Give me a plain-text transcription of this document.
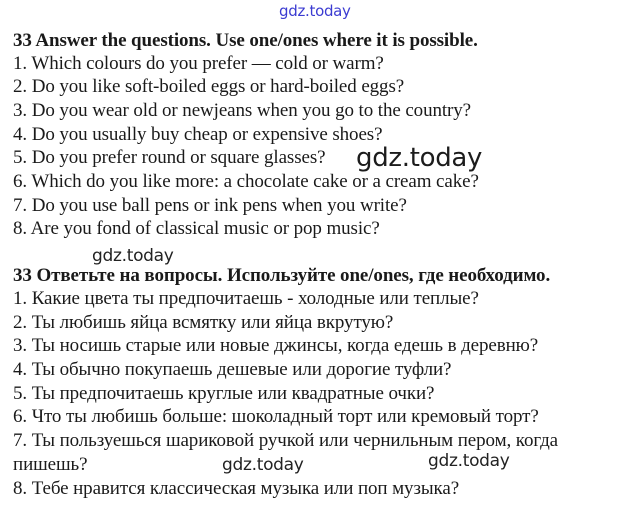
gdz.today
33 Answer the questions. Use one/ones where it is possible.
1. Which colours do you prefer — cold or warm?
2. Do you like soft-boiled eggs or hard-boiled eggs?
3. Do you wear old or newjeans when you go to the country?
4. Do you usually buy cheap or expensive shoes?
5. Do you prefer round or square glasses?
6. Which do you like more: a chocolate cake or a cream cake?
7. Do you use ball pens or ink pens when you write?
8. Are you fond of classical music or pop music?
gdz.today
gdz.today
33 Ответьте на вопросы. Используйте one/ones, где необходимо.
1. Какие цвета ты предпочитаешь - холодные или теплые?
2. Ты любишь яйца всмятку или яйца вкрутую?
3. Ты носишь старые или новые джинсы, когда едешь в деревню?
4. Ты обычно покупаешь дешевые или дорогие туфли?
5. Ты предпочитаешь круглые или квадратные очки?
6. Что ты любишь больше: шоколадный торт или кремовый торт?
7. Ты пользуешься шариковой ручкой или чернильным пером, когда
пишешь?
8. Тебе нравится классическая музыка или поп музыка?
gdz.today	gdz.today
